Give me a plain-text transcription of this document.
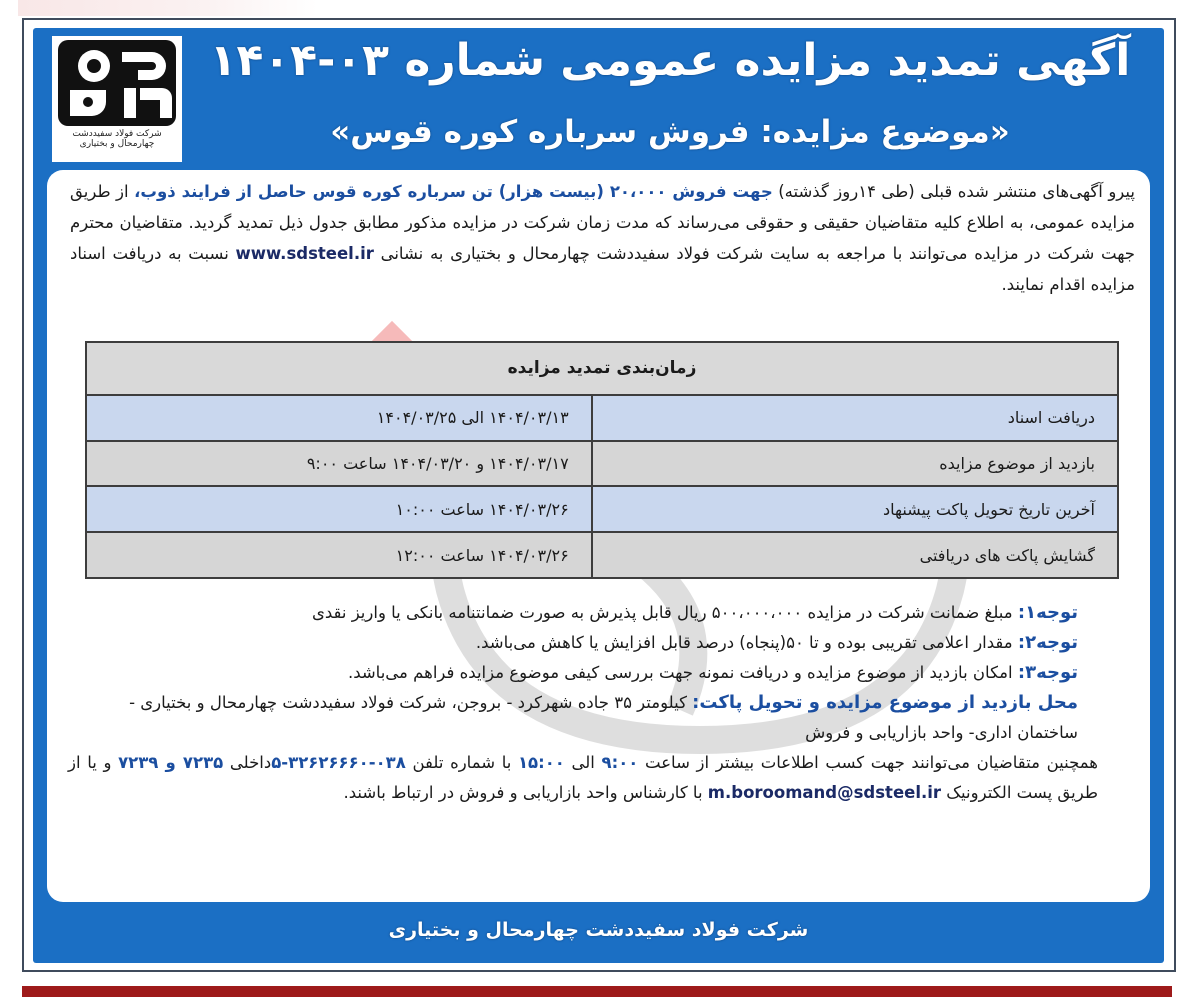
شرکت فولاد سفیددشت
چهارمحال و بختیاری
آگهی تمدید مزایده عمومی شماره ۰۳-۱۴۰۴
«موضوع مزایده: فروش سرباره کوره قوس»
پیرو آگهی‌های منتشر شده قبلی (طی ۱۴روز گذشته) جهت فروش ۲۰،۰۰۰ (بیست هزار) تن سرباره کوره قوس حاصل از فرایند ذوب، از طریق مزایده عمومی، به اطلاع کلیه متقاضیان حقیقی و حقوقی می‌رساند که مدت زمان شرکت در مزایده مذکور مطابق جدول ذیل تمدید گردید. متقاضیان محترم جهت شرکت در مزایده می‌توانند با مراجعه به سایت شرکت فولاد سفیددشت چهارمحال و بختیاری به نشانی www.sdsteel.ir نسبت به دریافت اسناد مزایده اقدام نمایند.
زمان‌بندی تمدید مزایده	
دریافت اسناد	۱۴۰۴/۰۳/۱۳ الی ۱۴۰۴/۰۳/۲۵
بازدید از موضوع مزایده	۱۴۰۴/۰۳/۱۷ و ۱۴۰۴/۰۳/۲۰ ساعت ۹:۰۰
آخرین تاریخ تحویل پاکت پیشنهاد	۱۴۰۴/۰۳/۲۶ ساعت ۱۰:۰۰
گشایش پاکت های دریافتی	۱۴۰۴/۰۳/۲۶ ساعت ۱۲:۰۰
توجه۱: مبلغ ضمانت شرکت در مزایده ۵۰۰،۰۰۰،۰۰۰ ریال قابل پذیرش به صورت ضمانتنامه بانکی یا واریز نقدی
توجه۲: مقدار اعلامی تقریبی بوده و تا ۵۰(پنجاه) درصد قابل افزایش یا کاهش می‌باشد.
توجه۳: امکان بازدید از موضوع مزایده و دریافت نمونه جهت بررسی کیفی موضوع مزایده فراهم می‌باشد.
محل بازدید از موضوع مزایده و تحویل پاکت: کیلومتر ۳۵ جاده شهرکرد - بروجن، شرکت فولاد سفیددشت چهارمحال و بختیاری - ساختمان اداری- واحد بازاریابی و فروش
همچنین متقاضیان می‌توانند جهت کسب اطلاعات بیشتر از ساعت ۹:۰۰ الی ۱۵:۰۰ با شماره تلفن ۰۳۸-۳۲۶۲۶۶۶۰-۵داخلی ۷۲۳۵ و ۷۲۳۹ و یا از طریق پست الکترونیک m.boroomand@sdsteel.ir با کارشناس واحد بازاریابی و فروش در ارتباط باشند.
شرکت فولاد سفیددشت چهارمحال و بختیاری
